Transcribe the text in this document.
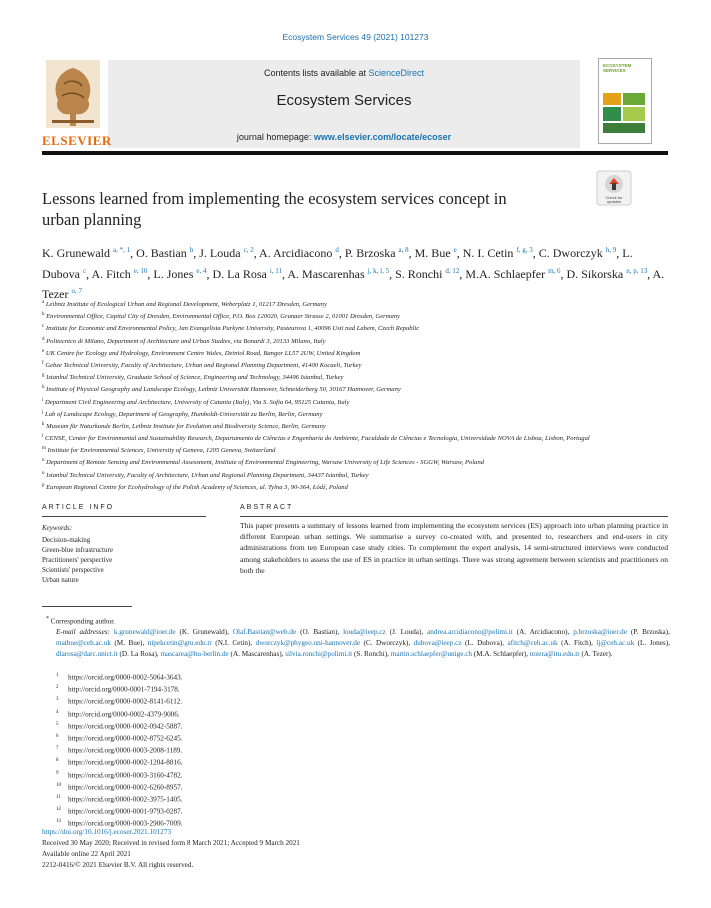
Ecosystem Services 49 (2021) 101273
Contents lists available at ScienceDirect
Ecosystem Services
journal homepage: www.elsevier.com/locate/ecoser
ELSEVIER
ECOSYSTEM SERVICES
Lessons learned from implementing the ecosystem services concept in
urban planning
Check for
updates
K. Grunewald $^{a, *, 1}$, O. Bastian $^b$, J. Louda $^{c, 2}$, A. Arcidiacono $^d$, P. Brzoska $^{a, 8}$, M. Bue $^e$, N. I. Cetin $^{f, g, 3}$, C. Dworczyk $^{h, 9}$, L. Dubova $^c$, A. Fitch $^{e, 10}$, L. Jones $^{e, 4}$, D. La Rosa $^{i, 11}$, A. Mascarenhas $^{j, k, l, 5}$, S. Ronchi $^{d, 12}$, M.A. Schlaepfer $^{m, 6}$, D. Sikorska $^{n, p, 13}$, A. Tezer $^{o, 7}$
$^a$ Leibniz Institute of Ecological Urban and Regional Development, Weberplatz 1, 01217 Dresden, Germany
$^b$ Environmental Office, Capital City of Dresden, Environmental Office, P.O. Box 120020, Grunaer Strasse 2, 01001 Dresden, Germany
$^c$ Institute for Economic and Environmental Policy, Jan Evangelista Purkyne University, Pasteurova 1, 40096 Usti nad Labem, Czech Republic
$^d$ Politecnico di Milano, Department of Architecture and Urban Studies, via Bonardi 3, 20133 Milano, Italy
$^e$ UK Centre for Ecology and Hydrology, Environment Centre Wales, Deiniol Road, Bangor LL57 2UW, United Kingdom
$^f$ Gebze Technical University, Faculty of Architecture, Urban and Regional Planning Department, 41400 Kocaeli, Turkey
$^g$ Istanbul Technical University, Graduate School of Science, Engineering and Technology, 34496 Istanbul, Turkey
$^h$ Institute of Physical Geography and Landscape Ecology, Leibniz Universität Hannover, Schneiderberg 50, 30167 Hannover, Germany
$^i$ Department Civil Engineering and Architecture, University of Catania (Italy), Via S. Sofia 64, 95125 Catania, Italy
$^j$ Lab of Landscape Ecology, Department of Geography, Humboldt-Universität zu Berlin, Berlin, Germany
$^k$ Museum für Naturkunde Berlin, Leibniz Institute for Evolution and Biodiversity Science, Berlin, Germany
$^l$ CENSE, Center for Environmental and Sustainability Research, Departamento de Ciências e Engenharia do Ambiente, Faculdade de Ciências e Tecnologia, Universidade NOVA de Lisboa, Lisbon, Portugal
$^m$ Institute for Environmental Sciences, University of Geneva, 1205 Geneva, Switzerland
$^n$ Department of Remote Sensing and Environmental Assessment, Institute of Environmental Engineering, Warsaw University of Life Sciences - SGGW, Warsaw, Poland
$^o$ Istanbul Technical University, Faculty of Architecture, Urban and Regional Planning Department, 34437 Istanbul, Turkey
$^p$ European Regional Centre for Ecohydrology of the Polish Academy of Sciences, ul. Tylna 3, 90-364, Łódź, Poland
ARTICLE INFO	ABSTRACT
Keywords:
Decision-making
Green-blue infrastructure
Practitioners' perspective
Scientists' perspective
Urban nature
This paper presents a summary of lessons learned from implementing the ecosystem services (ES) approach into urban planning practice in different European urban settings. We summarise a survey co-created with, and presented to, researchers and end-users in city administrations from ten European case study cities. To complement the expert analysis, 14 semi-structured interviews were conducted among stakeholders to assess the use of ES in practice in urban settings. There was strong agreement between scientists and practitioners on both the
* Corresponding author.
E-mail addresses: k.grunewald@ioer.de (K. Grunewald), Olaf.Bastian@web.de (O. Bastian), louda@ieep.cz (J. Louda), andrea.arcidiacono@polimi.it (A. Arcidiacono), p.brzoska@ioer.de (P. Brzoska), matbue@ceh.ac.uk (M. Bue), nipekcetin@gtu.edu.tr (N.I. Cetin), dworczyk@phygeo.uni-hannover.de (C. Dworczyk), dubova@ieep.cz (L. Dubova), afitch@ceh.ac.uk (A. Fitch), lj@ceh.ac.uk (L. Jones), dlarosa@darc.unict.it (D. La Rosa), mascarea@hu-berlin.de (A. Mascarenhas), silvia.ronchi@polimi.it (S. Ronchi), martin.schlaepfer@unige.ch (M.A. Schlaepfer), tezera@itu.edu.tr (A. Tezer).
$^1$ https://orcid.org/0000-0002-5064-3643.
$^2$ http://orcid.org/0000-0001-7194-3178.
$^3$ https://orcid.org/0000-0002-8141-6112.
$^4$ http://orcid.org/0000-0002-4379-9006.
$^5$ https://orcid.org/0000-0002-0942-5887.
$^6$ https://orcid.org/0000-0002-8752-6245.
$^7$ https://orcid.org/0000-0003-2008-1189.
$^8$ https://orcid.org/0000-0002-1204-8816.
$^9$ https://orcid.org/0000-0003-3160-4782.
$^{10}$ https://orcid.org/0000-0002-6260-8957.
$^{11}$ https://orcid.org/0000-0002-3975-1405.
$^{12}$ https://orcid.org/0000-0001-9793-0287.
$^{13}$ https://orcid.org/0000-0003-2906-7009.
https://doi.org/10.1016/j.ecoser.2021.101273
Received 30 May 2020; Received in revised form 8 March 2021; Accepted 9 March 2021
Available online 22 April 2021
2212-0416/© 2021 Elsevier B.V. All rights reserved.
